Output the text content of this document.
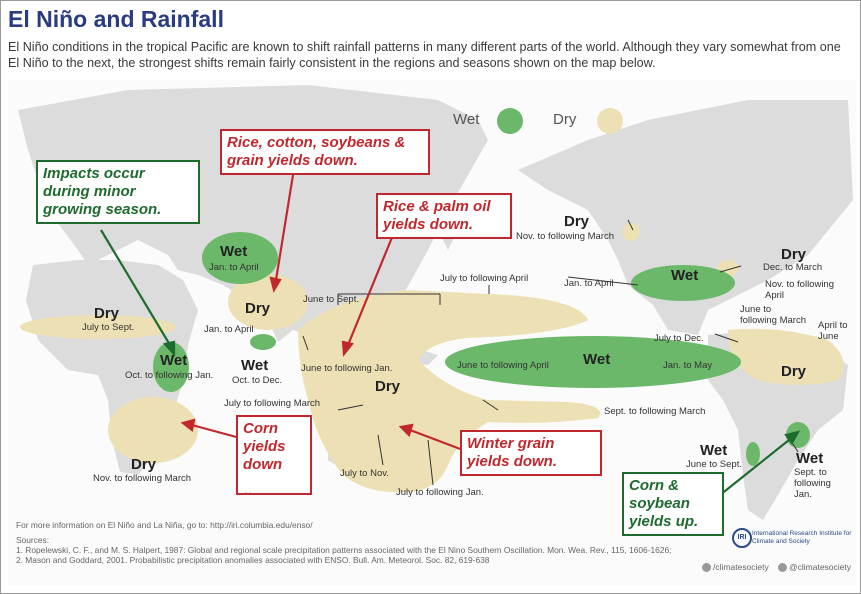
El Niño and Rainfall
El Niño conditions in the tropical Pacific are known to shift rainfall patterns in many different parts of the world. Although they vary somewhat from one El Niño to the next, the strongest shifts remain fairly consistent in the regions and seasons shown on the map below.
Wet	Dry
Dry
July to Sept.
Wet
Jan. to April
Dry
June to Sept.
Jan. to April
Wet
Oct. to Dec.
Wet
Oct. to following Jan.
Dry
Nov. to following March
June to following Jan.
Dry
July to following March
July to Nov.
July to following Jan.
July to following April
Sept. to following March
June to following April Wet	Jan. to May
Dry
Nov. to following March
Wet
Jan. to April	Nov. to following April
Dry
Dec. to March
July to Dec.
June to following March
Dry
April to June
Wet
June to Sept.	Wet
Sept. to following Jan.
Impacts occur during minor growing season.
Rice, cotton, soybeans & grain yields down.
Rice & palm oil yields down.
Corn yields down
..
Winter grain yields down.
Corn & soybean yields up.
For more information on El Niño and La Niña, go to: http://iri.columbia.edu/enso/
Sources:
1. Ropelewski, C. F., and M. S. Halpert, 1987: Global and regional scale precipitation patterns associated with the El Nino Southern Oscillation. Mon. Wea. Rev., 115, 1606-1626;
2. Mason and Goddard, 2001. Probabilistic precipitation anomalies associated with ENSO. Bull. Am. Meteorol. Soc. 82, 619-638
IRI
International Research Institute for Climate and Society
/climatesociety	@climatesociety
